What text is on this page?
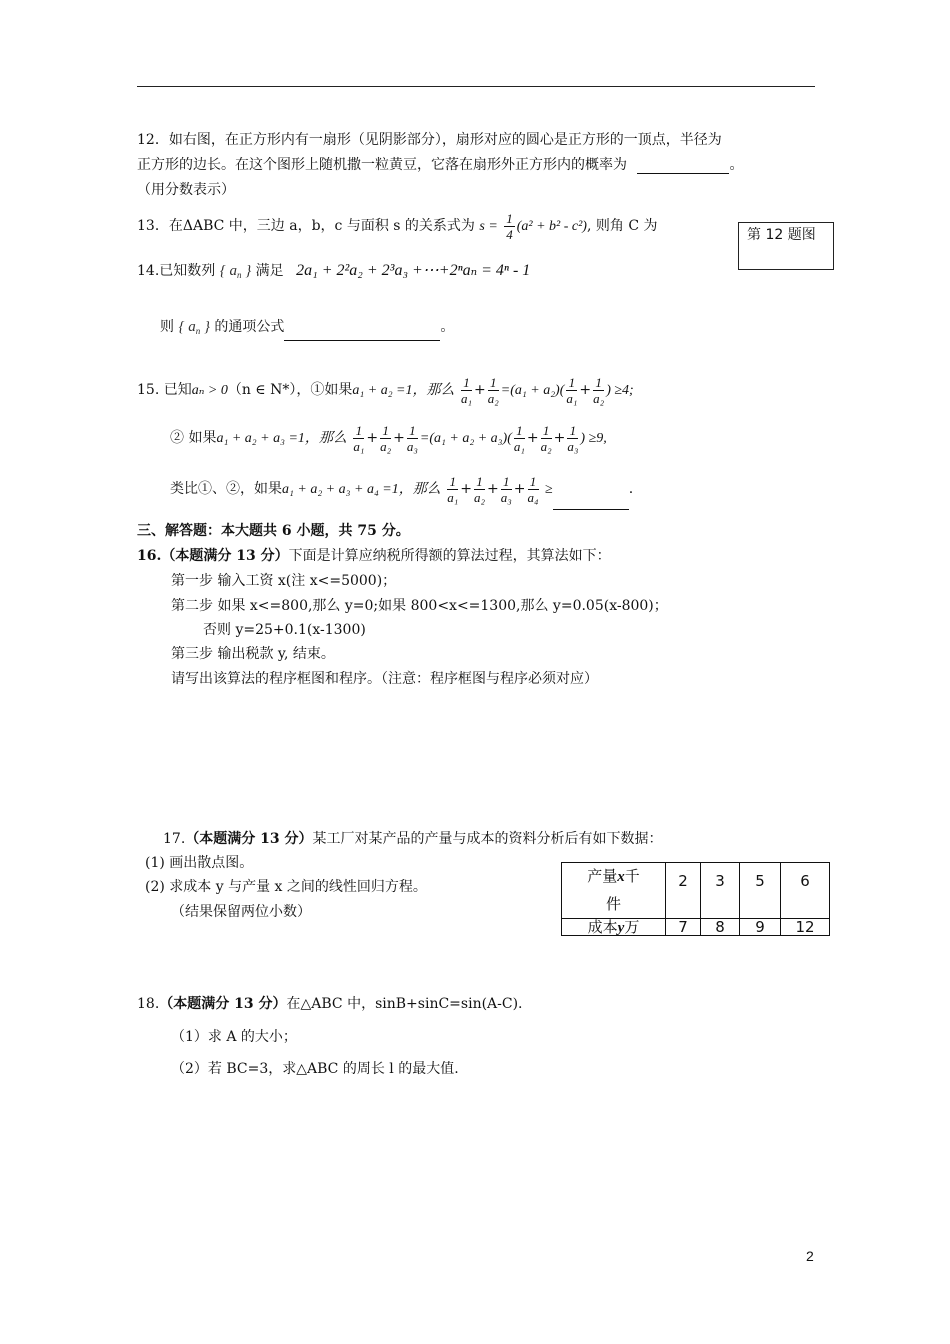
12．如右图，在正方形内有一扇形（见阴影部分），扇形对应的圆心是正方形的一顶点，半径为
正方形的边长。在这个图形上随机撒一粒黄豆，它落在扇形外正方形内的概率为	。
（用分数表示）
第 12 题图
13．在ΔABC 中，三边 a，b，c 与面积 s 的关系式为 $s = \frac{1}{4} (a^2 + b^2 - c^2)$, 则角 C 为
14.已知数列 { $a_n$ } 满足 2a₁ + 2²a₂ + 2³a₃ +⋯+2ⁿaₙ = 4ⁿ - 1
则 { $a_n$ } 的通项公式	。
15. 已知aₙ > 0（n ∈ N*），①如果a₁ + a₂ =1，那么 $\frac{1}{\text{a₁}} + \frac{1}{\text{a₂}} =(a_1 + a_2)( \frac{1}{\text{a₁}} + \frac{1}{\text{a₂}}$ ) ≥4;
② 如果a₁ + a₂ + a₃ =1，那么 $\frac{1}{\text{a₁}} + \frac{1}{\text{a₂}} + \frac{1}{\text{a₃}} =(a_1 + a_2 + a_3)( \frac{1}{\text{a₁}} + \frac{1}{\text{a₂}} + \frac{1}{\text{a₃}}$ ) ≥9,
类比①、②，如果a₁ + a₂ + a₃ + a₄ =1，那么 $\frac{1}{\text{a₁}} + \frac{1}{\text{a₂}} + \frac{1}{\text{a₃}} + \frac{1}{\text{a₄}}$ ≥	.
三、解答题：本大题共 6 小题，共 75 分。
16.（本题满分 13 分）下面是计算应纳税所得额的算法过程，其算法如下：
第一步 输入工资 x(注 x<=5000)；
第二步 如果 x<=800,那么 y=0;如果 800<x<=1300,那么 y=0.05(x-800)；
否则 y=25+0.1(x-1300)
第三步 输出税款 y, 结束。
请写出该算法的程序框图和程序。（注意：程序框图与程序必须对应）
17.（本题满分 13 分）某工厂对某产品的产量与成本的资料分析后有如下数据：
(1) 画出散点图。
(2) 求成本 y 与产量 x 之间的线性回归方程。
（结果保留两位小数）
产量x千
件	2	3	5	6
成本y万	7	8	9	12
18.（本题满分 13 分）在△ABC 中，sinB+sinC=sin(A-C).
（1）求 A 的大小；
（2）若 BC=3，求△ABC 的周长 l 的最大值.
2
